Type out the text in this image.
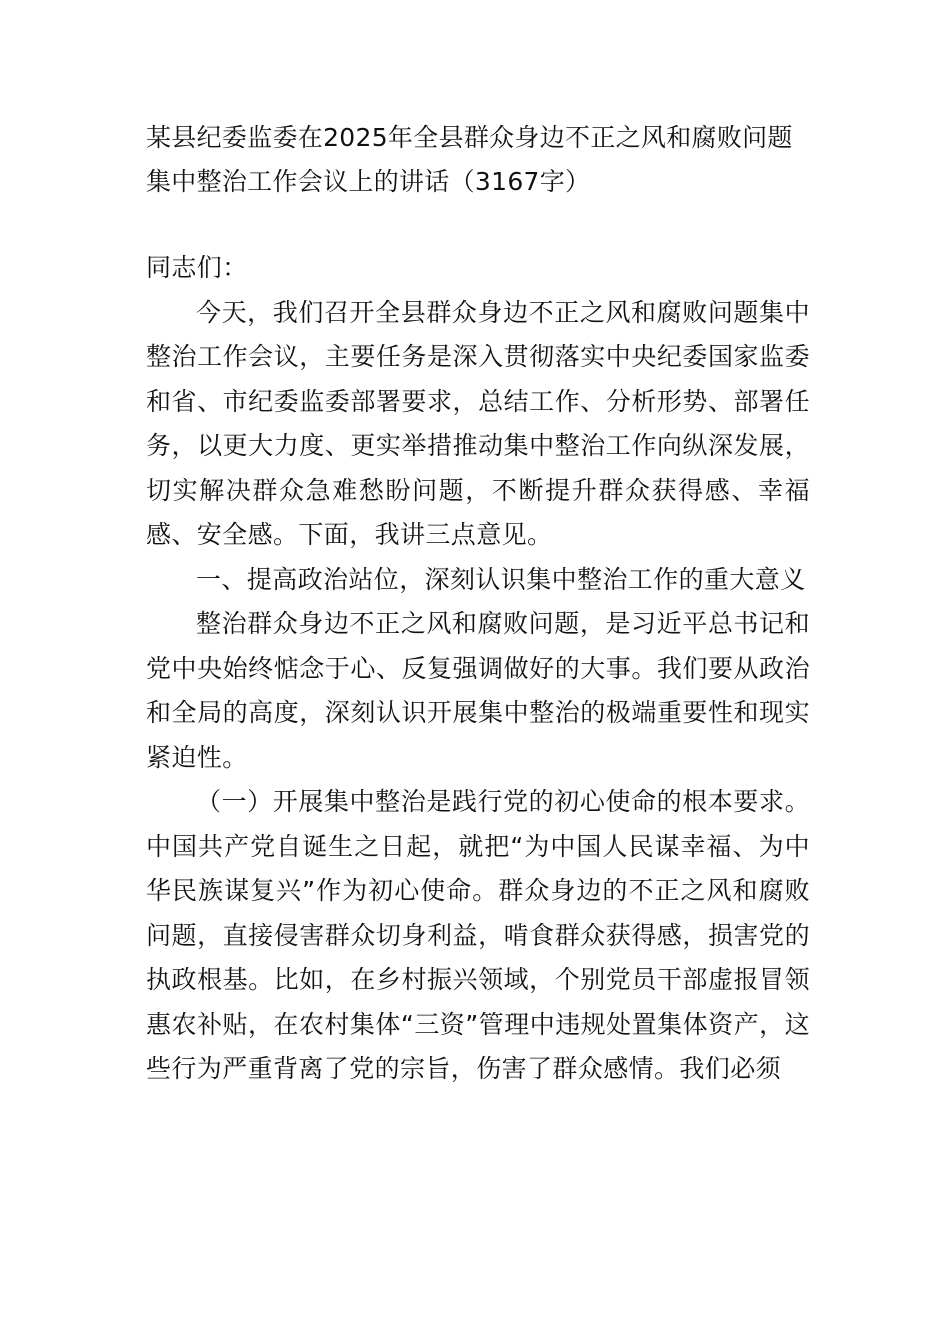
某县纪委监委在2025年全县群众身边不正之风和腐败问题集中整治工作会议上的讲话（3167字）

同志们：

今天，我们召开全县群众身边不正之风和腐败问题集中整治工作会议，主要任务是深入贯彻落实中央纪委国家监委和省、市纪委监委部署要求，总结工作、分析形势、部署任务，以更大力度、更实举措推动集中整治工作向纵深发展，切实解决群众急难愁盼问题，不断提升群众获得感、幸福感、安全感。下面，我讲三点意见。

一、提高政治站位，深刻认识集中整治工作的重大意义

整治群众身边不正之风和腐败问题，是习近平总书记和党中央始终惦念于心、反复强调做好的大事。我们要从政治和全局的高度，深刻认识开展集中整治的极端重要性和现实紧迫性。

（一）开展集中整治是践行党的初心使命的根本要求。中国共产党自诞生之日起，就把“为中国人民谋幸福、为中华民族谋复兴”作为初心使命。群众身边的不正之风和腐败问题，直接侵害群众切身利益，啃食群众获得感，损害党的执政根基。比如，在乡村振兴领域，个别党员干部虚报冒领惠农补贴，在农村集体“三资”管理中违规处置集体资产，这些行为严重背离了党的宗旨，伤害了群众感情。我们必须
